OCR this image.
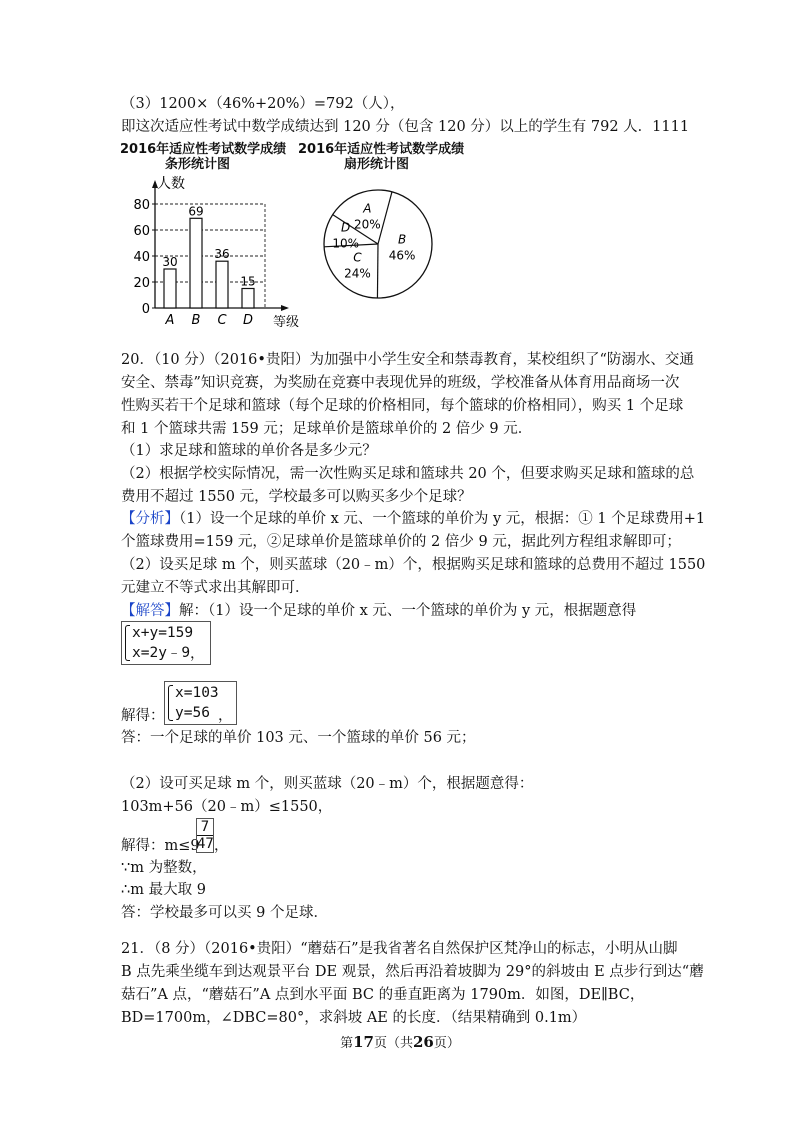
（3）1200×（46%+20%）=792（人），
即这次适应性考试中数学成绩达到 120 分（包含 120 分）以上的学生有 792 人．1111
2016年适应性考试数学成绩
条形统计图
2016年适应性考试数学成绩
扇形统计图
0
20
40
60
80
人数
等级
30
A
69
B
36
C
15
D
B
46%
C
24%
D
10%
A
20%
20．（10 分）（2016•贵阳）为加强中小学生安全和禁毒教育，某校组织了“防溺水、交通
安全、禁毒”知识竞赛，为奖励在竞赛中表现优异的班级，学校准备从体育用品商场一次
性购买若干个足球和篮球（每个足球的价格相同，每个篮球的价格相同），购买 1 个足球
和 1 个篮球共需 159 元；足球单价是篮球单价的 2 倍少 9 元．
（1）求足球和篮球的单价各是多少元？
（2）根据学校实际情况，需一次性购买足球和篮球共 20 个，但要求购买足球和篮球的总
费用不超过 1550 元，学校最多可以购买多少个足球？
【分析】（1）设一个足球的单价 x 元、一个篮球的单价为 y 元，根据：① 1 个足球费用+1
个篮球费用=159 元，②足球单价是篮球单价的 2 倍少 9 元，据此列方程组求解即可；
（2）设买足球 m 个，则买蓝球（20﹣m）个，根据购买足球和篮球的总费用不超过 1550
元建立不等式求出其解即可．
【解答】解：（1）设一个足球的单价 x 元、一个篮球的单价为 y 元，根据题意得
x+y=159
x=2y﹣9 ，
解得：
x=103
y=56 ，
答：一个足球的单价 103 元、一个篮球的单价 56 元；
（2）设可买足球 m 个，则买蓝球（20﹣m）个，根据题意得：
103m+56（20﹣m）≤1550，
解得：m≤9
$\frac{7}{47}$ ，
∵m 为整数，
∴m 最大取 9
答：学校最多可以买 9 个足球．
21．（8 分）（2016•贵阳）“蘑菇石”是我省著名自然保护区梵净山的标志，小明从山脚
B 点先乘坐缆车到达观景平台 DE 观景，然后再沿着坡脚为 29°的斜坡由 E 点步行到达“蘑
菇石”A 点，“蘑菇石”A 点到水平面 BC 的垂直距离为 1790m．如图，DE∥BC，
BD=1700m，∠DBC=80°，求斜坡 AE 的长度．（结果精确到 0.1m）
第17页（共26页）
